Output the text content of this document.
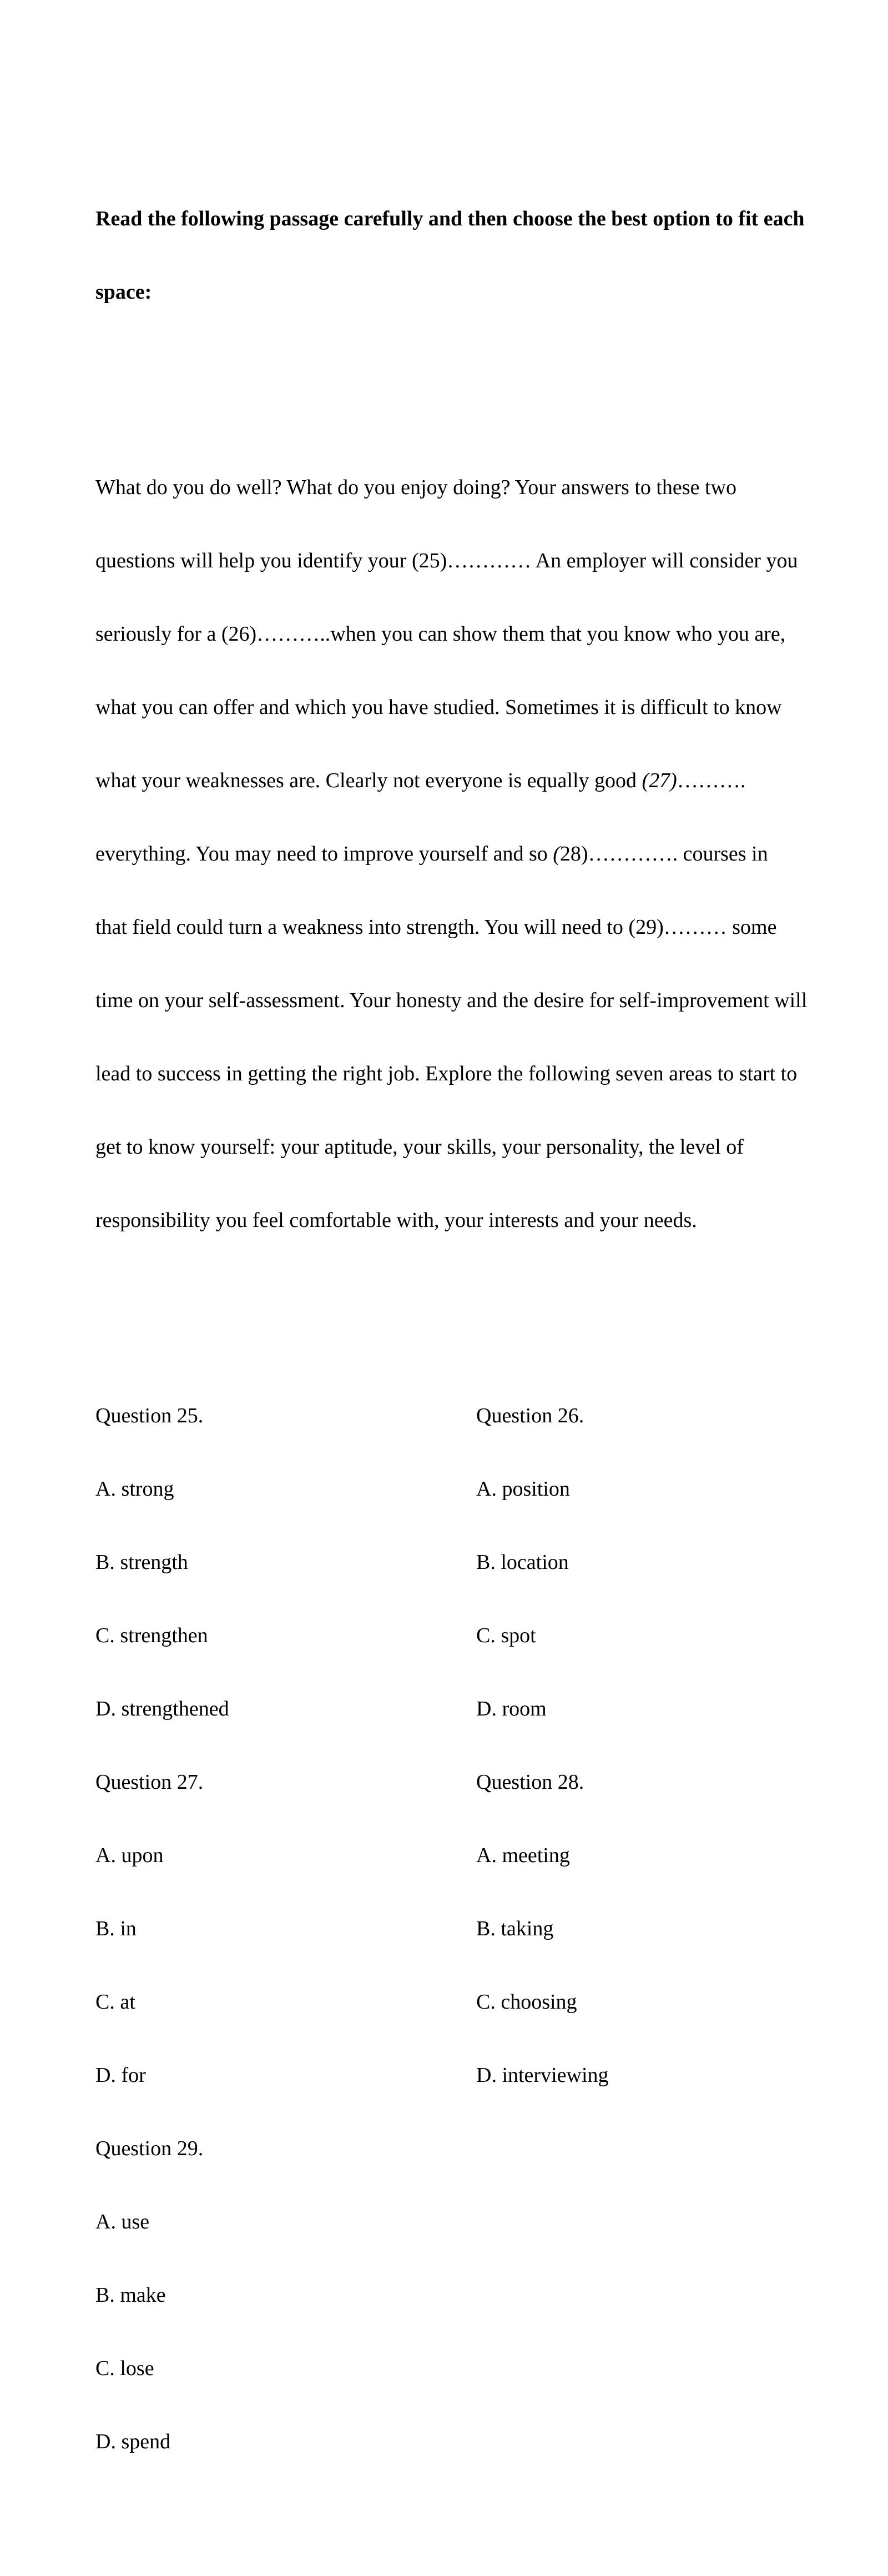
Read the following passage carefully and then choose the best option to fit each

space:

What do you do well? What do you enjoy doing? Your answers to these two

questions will help you identify your (25)………… An employer will consider you

seriously for a (26)………..when you can show them that you know who you are,

what you can offer and which you have studied. Sometimes it is difficult to know

what your weaknesses are. Clearly not everyone is equally good (27)……….

everything. You may need to improve yourself and so (28)…………. courses in

that field could turn a weakness into strength. You will need to (29)……… some

time on your self-assessment. Your honesty and the desire for self-improvement will

lead to success in getting the right job. Explore the following seven areas to start to

get to know yourself: your aptitude, your skills, your personality, the level of

responsibility you feel comfortable with, your interests and your needs.

Question 25.	Question 26.

A. strong	A. position

B. strength	B. location

C. strengthen	C. spot

D. strengthened	D. room

Question 27.	Question 28.

A. upon	A. meeting

B. in	B. taking

C. at	C. choosing

D. for	D. interviewing

Question 29.

A. use

B. make

C. lose

D. spend
